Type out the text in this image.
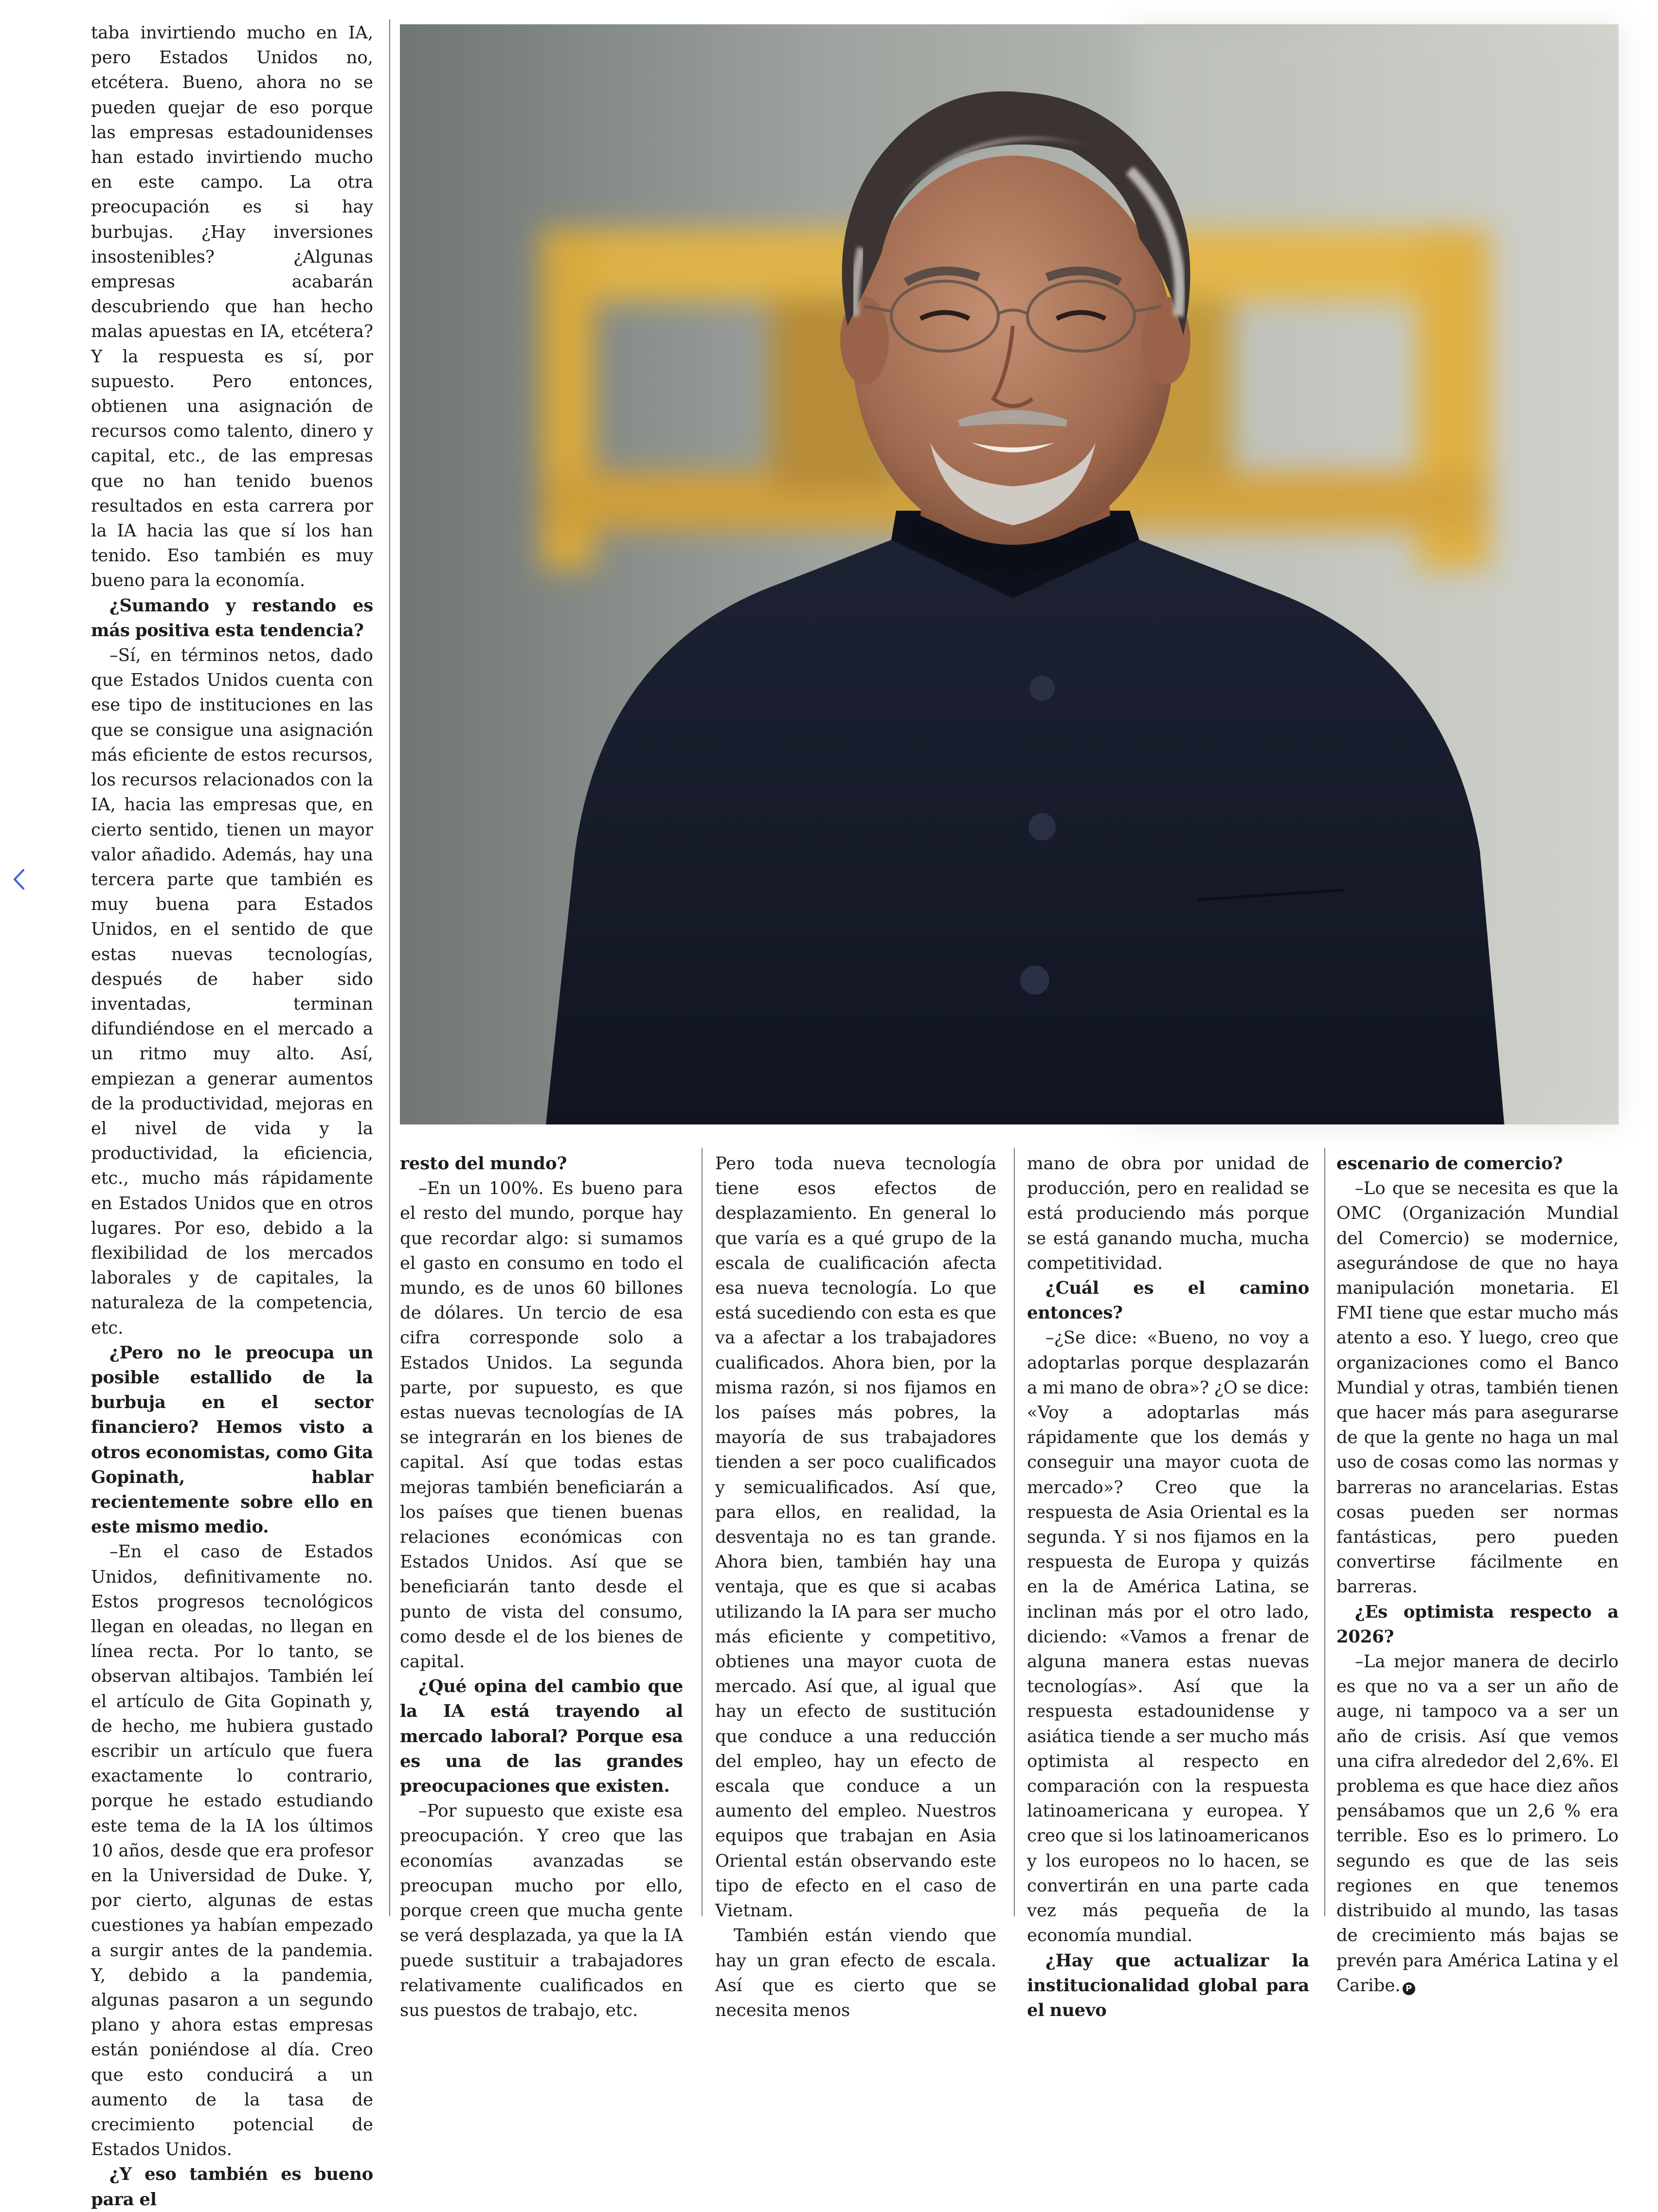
taba invirtiendo mucho en IA, pero Estados Unidos no, etcétera. Bueno, ahora no se pueden quejar de eso porque las empresas estadounidenses han estado invirtiendo mucho en este campo. La otra preocupación es si hay burbujas. ¿Hay inversiones insostenibles? ¿Algunas empresas acabarán descubriendo que han hecho malas apuestas en IA, etcétera? Y la respuesta es sí, por supuesto. Pero entonces, obtienen una asignación de recursos como talento, dinero y capital, etc., de las empresas que no han tenido buenos resultados en esta carrera por la IA hacia las que sí los han tenido. Eso también es muy bueno para la economía.

¿Sumando y restando es más positiva esta tendencia?

–Sí, en términos netos, dado que Estados Unidos cuenta con ese tipo de instituciones en las que se consigue una asignación más eficiente de estos recursos, los recursos relacionados con la IA, hacia las empresas que, en cierto sentido, tienen un mayor valor añadido. Además, hay una tercera parte que también es muy buena para Estados Unidos, en el sentido de que estas nuevas tecnologías, después de haber sido inventadas, terminan difundiéndose en el mercado a un ritmo muy alto. Así, empiezan a generar aumentos de la productividad, mejoras en el nivel de vida y la productividad, la eficiencia, etc., mucho más rápidamente en Estados Unidos que en otros lugares. Por eso, debido a la flexibilidad de los mercados laborales y de capitales, la naturaleza de la competencia, etc.

¿Pero no le preocupa un posible estallido de la burbuja en el sector financiero? Hemos visto a otros economistas, como Gita Gopinath, hablar recientemente sobre ello en este mismo medio.

–En el caso de Estados Unidos, definitivamente no. Estos progresos tecnológicos llegan en oleadas, no llegan en línea recta. Por lo tanto, se observan altibajos. También leí el artículo de Gita Gopinath y, de hecho, me hubiera gustado escribir un artículo que fuera exactamente lo contrario, porque he estado estudiando este tema de la IA los últimos 10 años, desde que era profesor en la Universidad de Duke. Y, por cierto, algunas de estas cuestiones ya habían empezado a surgir antes de la pandemia. Y, debido a la pandemia, algunas pasaron a un segundo plano y ahora estas empresas están poniéndose al día. Creo que esto conducirá a un aumento de la tasa de crecimiento potencial de Estados Unidos.

¿Y eso también es bueno para el

resto del mundo?

–En un 100%. Es bueno para el resto del mundo, porque hay que recordar algo: si sumamos el gasto en consumo en todo el mundo, es de unos 60 billones de dólares. Un tercio de esa cifra corresponde solo a Estados Unidos. La segunda parte, por supuesto, es que estas nuevas tecnologías de IA se integrarán en los bienes de capital. Así que todas estas mejoras también beneficiarán a los países que tienen buenas relaciones económicas con Estados Unidos. Así que se beneficiarán tanto desde el punto de vista del consumo, como desde el de los bienes de capital.

¿Qué opina del cambio que la IA está trayendo al mercado laboral? Porque esa es una de las grandes preocupaciones que existen.

–Por supuesto que existe esa preocupación. Y creo que las economías avanzadas se preocupan mucho por ello, porque creen que mucha gente se verá desplazada, ya que la IA puede sustituir a trabajadores relativamente cualificados en sus puestos de trabajo, etc.

Pero toda nueva tecnología tiene esos efectos de desplazamiento. En general lo que varía es a qué grupo de la escala de cualificación afecta esa nueva tecnología. Lo que está sucediendo con esta es que va a afectar a los trabajadores cualificados. Ahora bien, por la misma razón, si nos fijamos en los países más pobres, la mayoría de sus trabajadores tienden a ser poco cualificados y semicualificados. Así que, para ellos, en realidad, la desventaja no es tan grande. Ahora bien, también hay una ventaja, que es que si acabas utilizando la IA para ser mucho más eficiente y competitivo, obtienes una mayor cuota de mercado. Así que, al igual que hay un efecto de sustitución que conduce a una reducción del empleo, hay un efecto de escala que conduce a un aumento del empleo. Nuestros equipos que trabajan en Asia Oriental están observando este tipo de efecto en el caso de Vietnam.

También están viendo que hay un gran efecto de escala. Así que es cierto que se necesita menos

mano de obra por unidad de producción, pero en realidad se está produciendo más porque se está ganando mucha, mucha competitividad.

¿Cuál es el camino entonces?

–¿Se dice: «Bueno, no voy a adoptarlas porque desplazarán a mi mano de obra»? ¿O se dice: «Voy a adoptarlas más rápidamente que los demás y conseguir una mayor cuota de mercado»? Creo que la respuesta de Asia Oriental es la segunda. Y si nos fijamos en la respuesta de Europa y quizás en la de América Latina, se inclinan más por el otro lado, diciendo: «Vamos a frenar de alguna manera estas nuevas tecnologías». Así que la respuesta estadounidense y asiática tiende a ser mucho más optimista al respecto en comparación con la respuesta latinoamericana y europea. Y creo que si los latinoamericanos y los europeos no lo hacen, se convertirán en una parte cada vez más pequeña de la economía mundial.

¿Hay que actualizar la institucionalidad global para el nuevo

escenario de comercio?

–Lo que se necesita es que la OMC (Organización Mundial del Comercio) se modernice, asegurándose de que no haya manipulación monetaria. El FMI tiene que estar mucho más atento a eso. Y luego, creo que organizaciones como el Banco Mundial y otras, también tienen que hacer más para asegurarse de que la gente no haga un mal uso de cosas como las normas y barreras no arancelarias. Estas cosas pueden ser normas fantásticas, pero pueden convertirse fácilmente en barreras.

¿Es optimista respecto a 2026?

–La mejor manera de decirlo es que no va a ser un año de auge, ni tampoco va a ser un año de crisis. Así que vemos una cifra alrededor del 2,6%. El problema es que hace diez años pensábamos que un 2,6 % era terrible. Eso es lo primero. Lo segundo es que de las seis regiones en que tenemos distribuido al mundo, las tasas de crecimiento más bajas se prevén para América Latina y el Caribe. P
